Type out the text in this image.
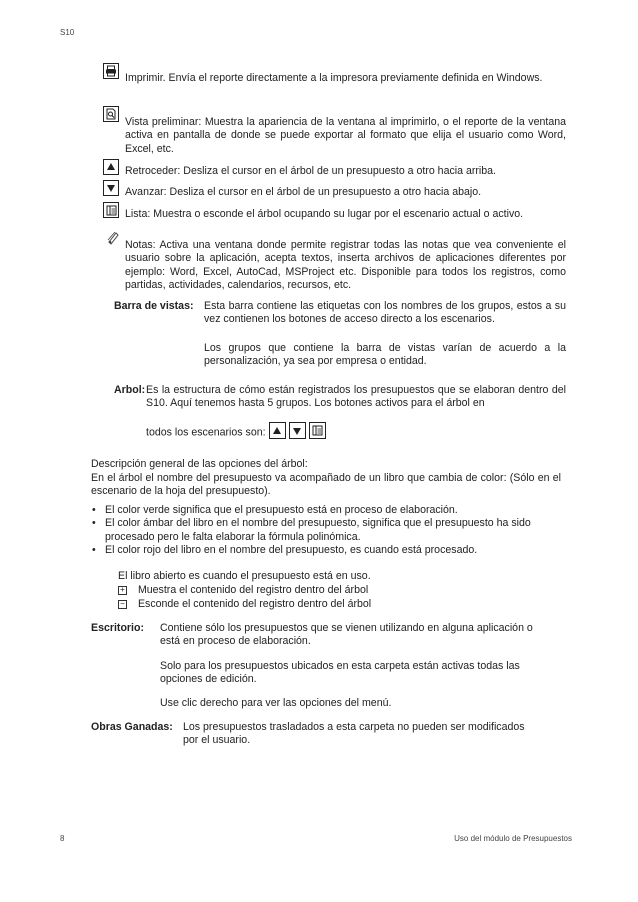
S10
Imprimir. Envía el reporte directamente a la impresora previamente definida en Windows.
Vista preliminar: Muestra la apariencia de la ventana al imprimirlo, o el reporte de la ventana activa en pantalla de donde se puede exportar al formato que elija el usuario como Word, Excel, etc.
Retroceder: Desliza el cursor en el árbol de un presupuesto a otro hacia arriba.
Avanzar: Desliza el cursor en el árbol de un presupuesto a otro hacia abajo.
Lista: Muestra o esconde el árbol ocupando su lugar por el escenario actual o activo.
Notas: Activa una ventana donde permite registrar todas las notas que vea conveniente el usuario sobre la aplicación, acepta textos, inserta archivos de aplicaciones diferentes por ejemplo: Word, Excel, AutoCad, MSProject etc. Disponible para todos los registros, como partidas, actividades, calendarios, recursos, etc.
Barra de vistas: Esta barra contiene las etiquetas con los nombres de los grupos, estos a su vez contienen los botones de acceso directo a los escenarios.
Los grupos que contiene la barra de vistas varían de acuerdo a la personalización, ya sea por empresa o entidad.
Arbol: Es la estructura de cómo están registrados los presupuestos que se elaboran dentro del S10. Aquí tenemos hasta 5 grupos. Los botones activos para el árbol en
todos los escenarios son:
Descripción general de las opciones del árbol:
En el árbol el nombre del presupuesto va acompañado de un libro que cambia de color: (Sólo en el escenario de la hoja del presupuesto).
• El color verde significa que el presupuesto está en proceso de elaboración.
• El color ámbar del libro en el nombre del presupuesto, significa que el presupuesto ha sido procesado pero le falta elaborar la fórmula polinómica.
• El color rojo del libro en el nombre del presupuesto, es cuando está procesado.
El libro abierto es cuando el presupuesto está en uso.
+ Muestra el contenido del registro dentro del árbol
− Esconde el contenido del registro dentro del árbol
Escritorio: Contiene sólo los presupuestos que se vienen utilizando en alguna aplicación o está en proceso de elaboración.
Solo para los presupuestos ubicados en esta carpeta están activas todas las opciones de edición.
Use clic derecho para ver las opciones del menú.
Obras Ganadas: Los presupuestos trasladados a esta carpeta no pueden ser modificados por el usuario.
8	Uso del módulo de Presupuestos
